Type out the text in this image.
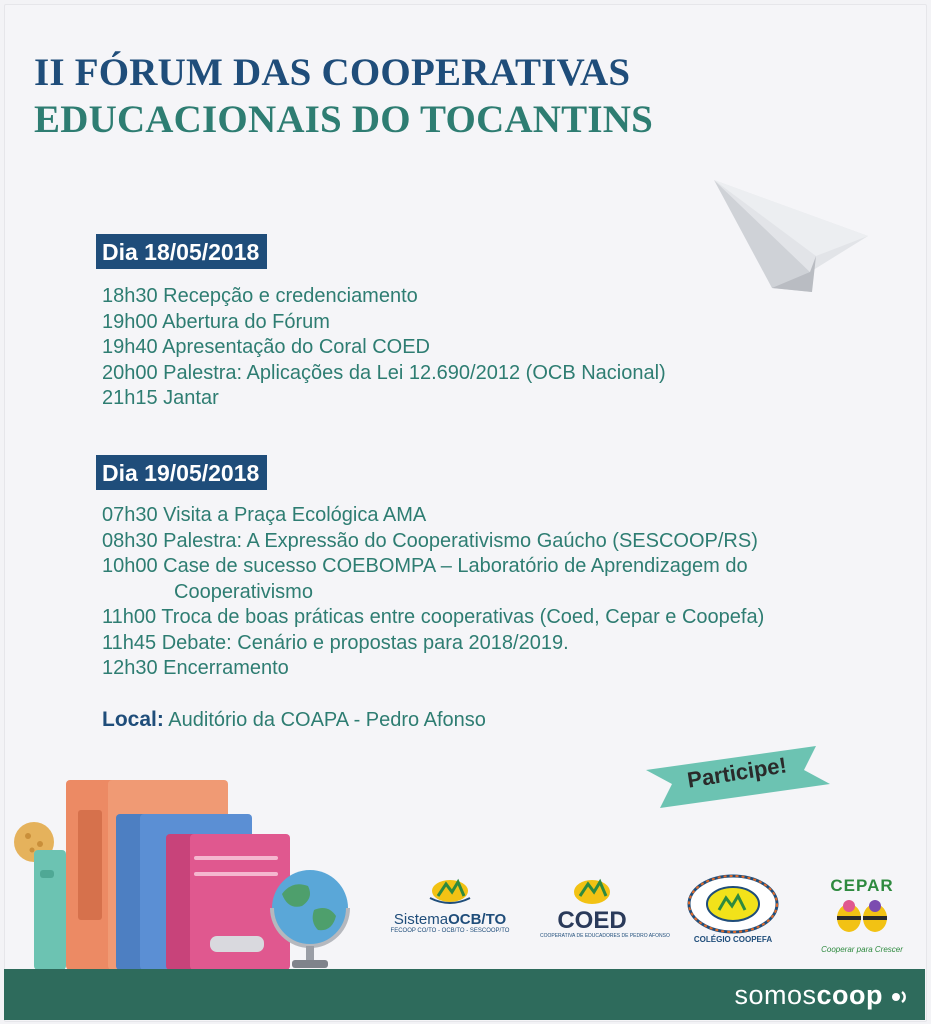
II FÓRUM DAS COOPERATIVAS
EDUCACIONAIS DO TOCANTINS
Dia 18/05/2018
18h30 Recepção e credenciamento
19h00 Abertura do Fórum
19h40 Apresentação do Coral COED
20h00 Palestra: Aplicações da Lei 12.690/2012 (OCB Nacional)
21h15 Jantar
Dia 19/05/2018
07h30 Visita a Praça Ecológica AMA
08h30 Palestra: A Expressão do Cooperativismo Gaúcho (SESCOOP/RS)
10h00 Case de sucesso COEBOMPA – Laboratório de Aprendizagem do
Cooperativismo
11h00 Troca de boas práticas entre cooperativas (Coed, Cepar e Coopefa)
11h45 Debate: Cenário e propostas para 2018/2019.
12h30 Encerramento
Local: Auditório da COAPA - Pedro Afonso
Participe!
SistemaOCB/TO
FECOOP CO/TO - OCB/TO - SESCOOP/TO	COED
COOPERATIVA DE EDUCADORES DE PEDRO AFONSO	COLÉGIO COOPEFA
CEPAR
Cooperar para Crescer
somoscoop
